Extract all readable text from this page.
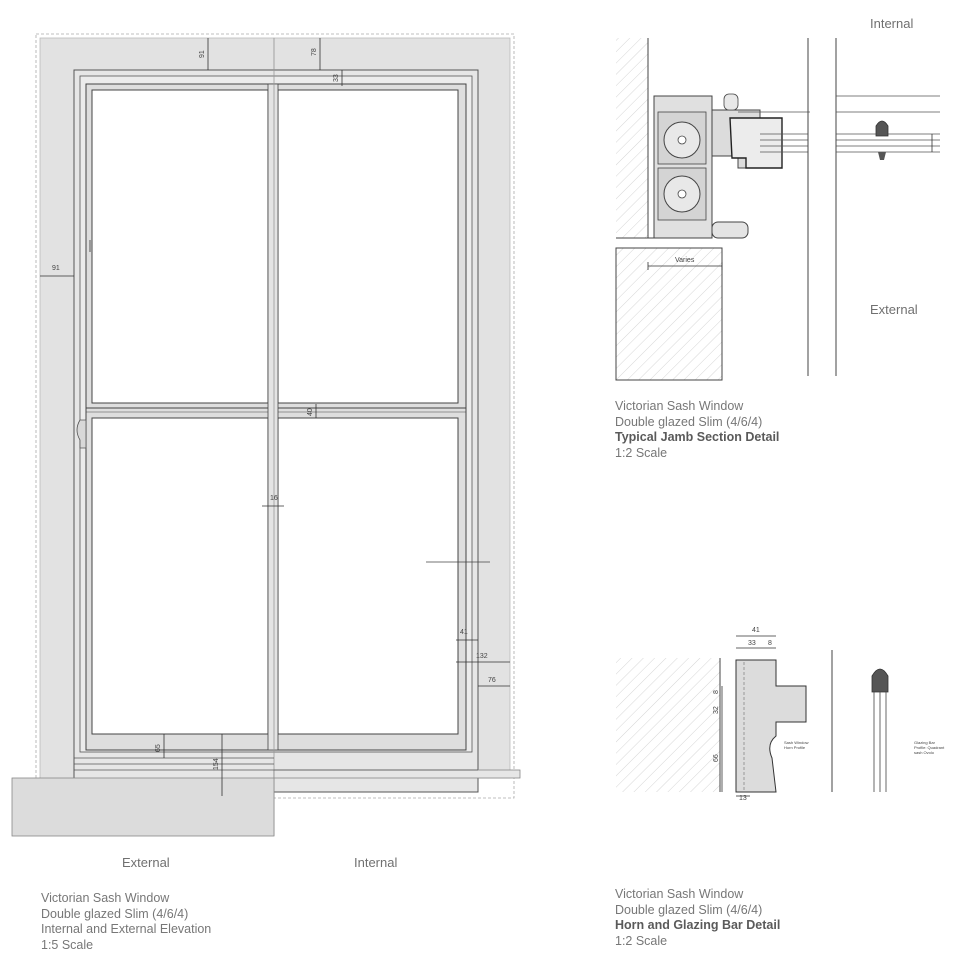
91	78
33
91
40
16
41
132
76
65
154
Varies
41
33 8
8
32
66
13
Sash Window Horn Profile
Glazing Bar Profile: Quadrant sash Ovolo
External	Internal
Internal
External
Victorian Sash Window
Double glazed Slim (4/6/4)
Internal and External Elevation
1:5 Scale
Victorian Sash Window
Double glazed Slim (4/6/4)
Typical Jamb Section Detail
1:2 Scale
Victorian Sash Window
Double glazed Slim (4/6/4)
Horn and Glazing Bar Detail
1:2 Scale
